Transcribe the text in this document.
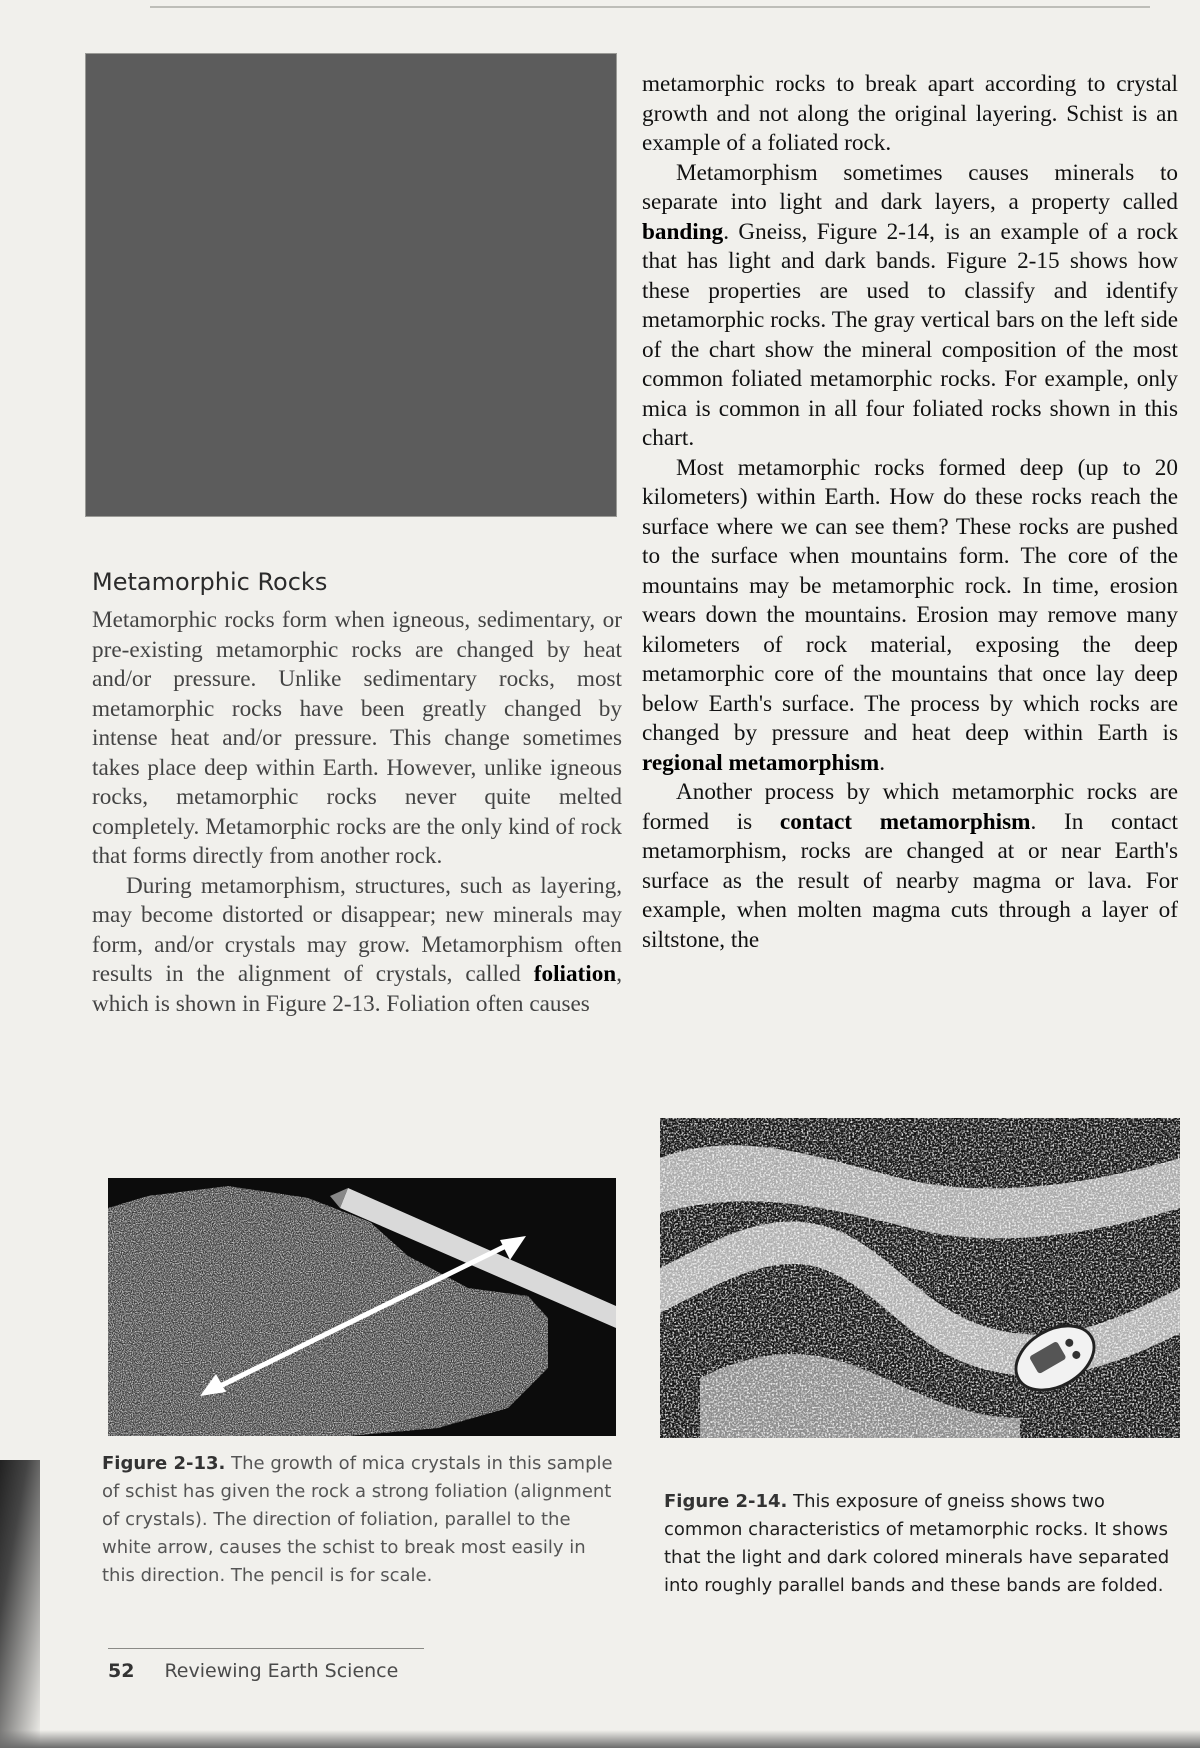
Metamorphic Rocks

Metamorphic rocks form when igneous, sedimentary, or pre-existing metamorphic rocks are changed by heat and/or pressure. Unlike sedimentary rocks, most metamorphic rocks have been greatly changed by intense heat and/or pressure. This change sometimes takes place deep within Earth. However, unlike igneous rocks, metamorphic rocks never quite melted completely. Metamorphic rocks are the only kind of rock that forms directly from another rock.

During metamorphism, structures, such as layering, may become distorted or disappear; new minerals may form, and/or crystals may grow. Metamorphism often results in the alignment of crystals, called foliation, which is shown in Figure 2-13. Foliation often causes

metamorphic rocks to break apart according to crystal growth and not along the original layering. Schist is an example of a foliated rock.

Metamorphism sometimes causes minerals to separate into light and dark layers, a property called banding. Gneiss, Figure 2-14, is an example of a rock that has light and dark bands. Figure 2-15 shows how these properties are used to classify and identify metamorphic rocks. The gray vertical bars on the left side of the chart show the mineral composition of the most common foliated metamorphic rocks. For example, only mica is common in all four foliated rocks shown in this chart.

Most metamorphic rocks formed deep (up to 20 kilometers) within Earth. How do these rocks reach the surface where we can see them? These rocks are pushed to the surface when mountains form. The core of the mountains may be metamorphic rock. In time, erosion wears down the mountains. Erosion may remove many kilometers of rock material, exposing the deep metamorphic core of the mountains that once lay deep below Earth's surface. The process by which rocks are changed by pressure and heat deep within Earth is regional metamorphism.

Another process by which metamorphic rocks are formed is contact metamorphism. In contact metamorphism, rocks are changed at or near Earth's surface as the result of nearby magma or lava. For example, when molten magma cuts through a layer of siltstone, the

Figure 2-13. The growth of mica crystals in this sample of schist has given the rock a strong foliation (alignment of crystals). The direction of foliation, parallel to the white arrow, causes the schist to break most easily in this direction. The pencil is for scale.
Figure 2-14. This exposure of gneiss shows two common characteristics of metamorphic rocks. It shows that the light and dark colored minerals have separated into roughly parallel bands and these bands are folded.
52 Reviewing Earth Science
